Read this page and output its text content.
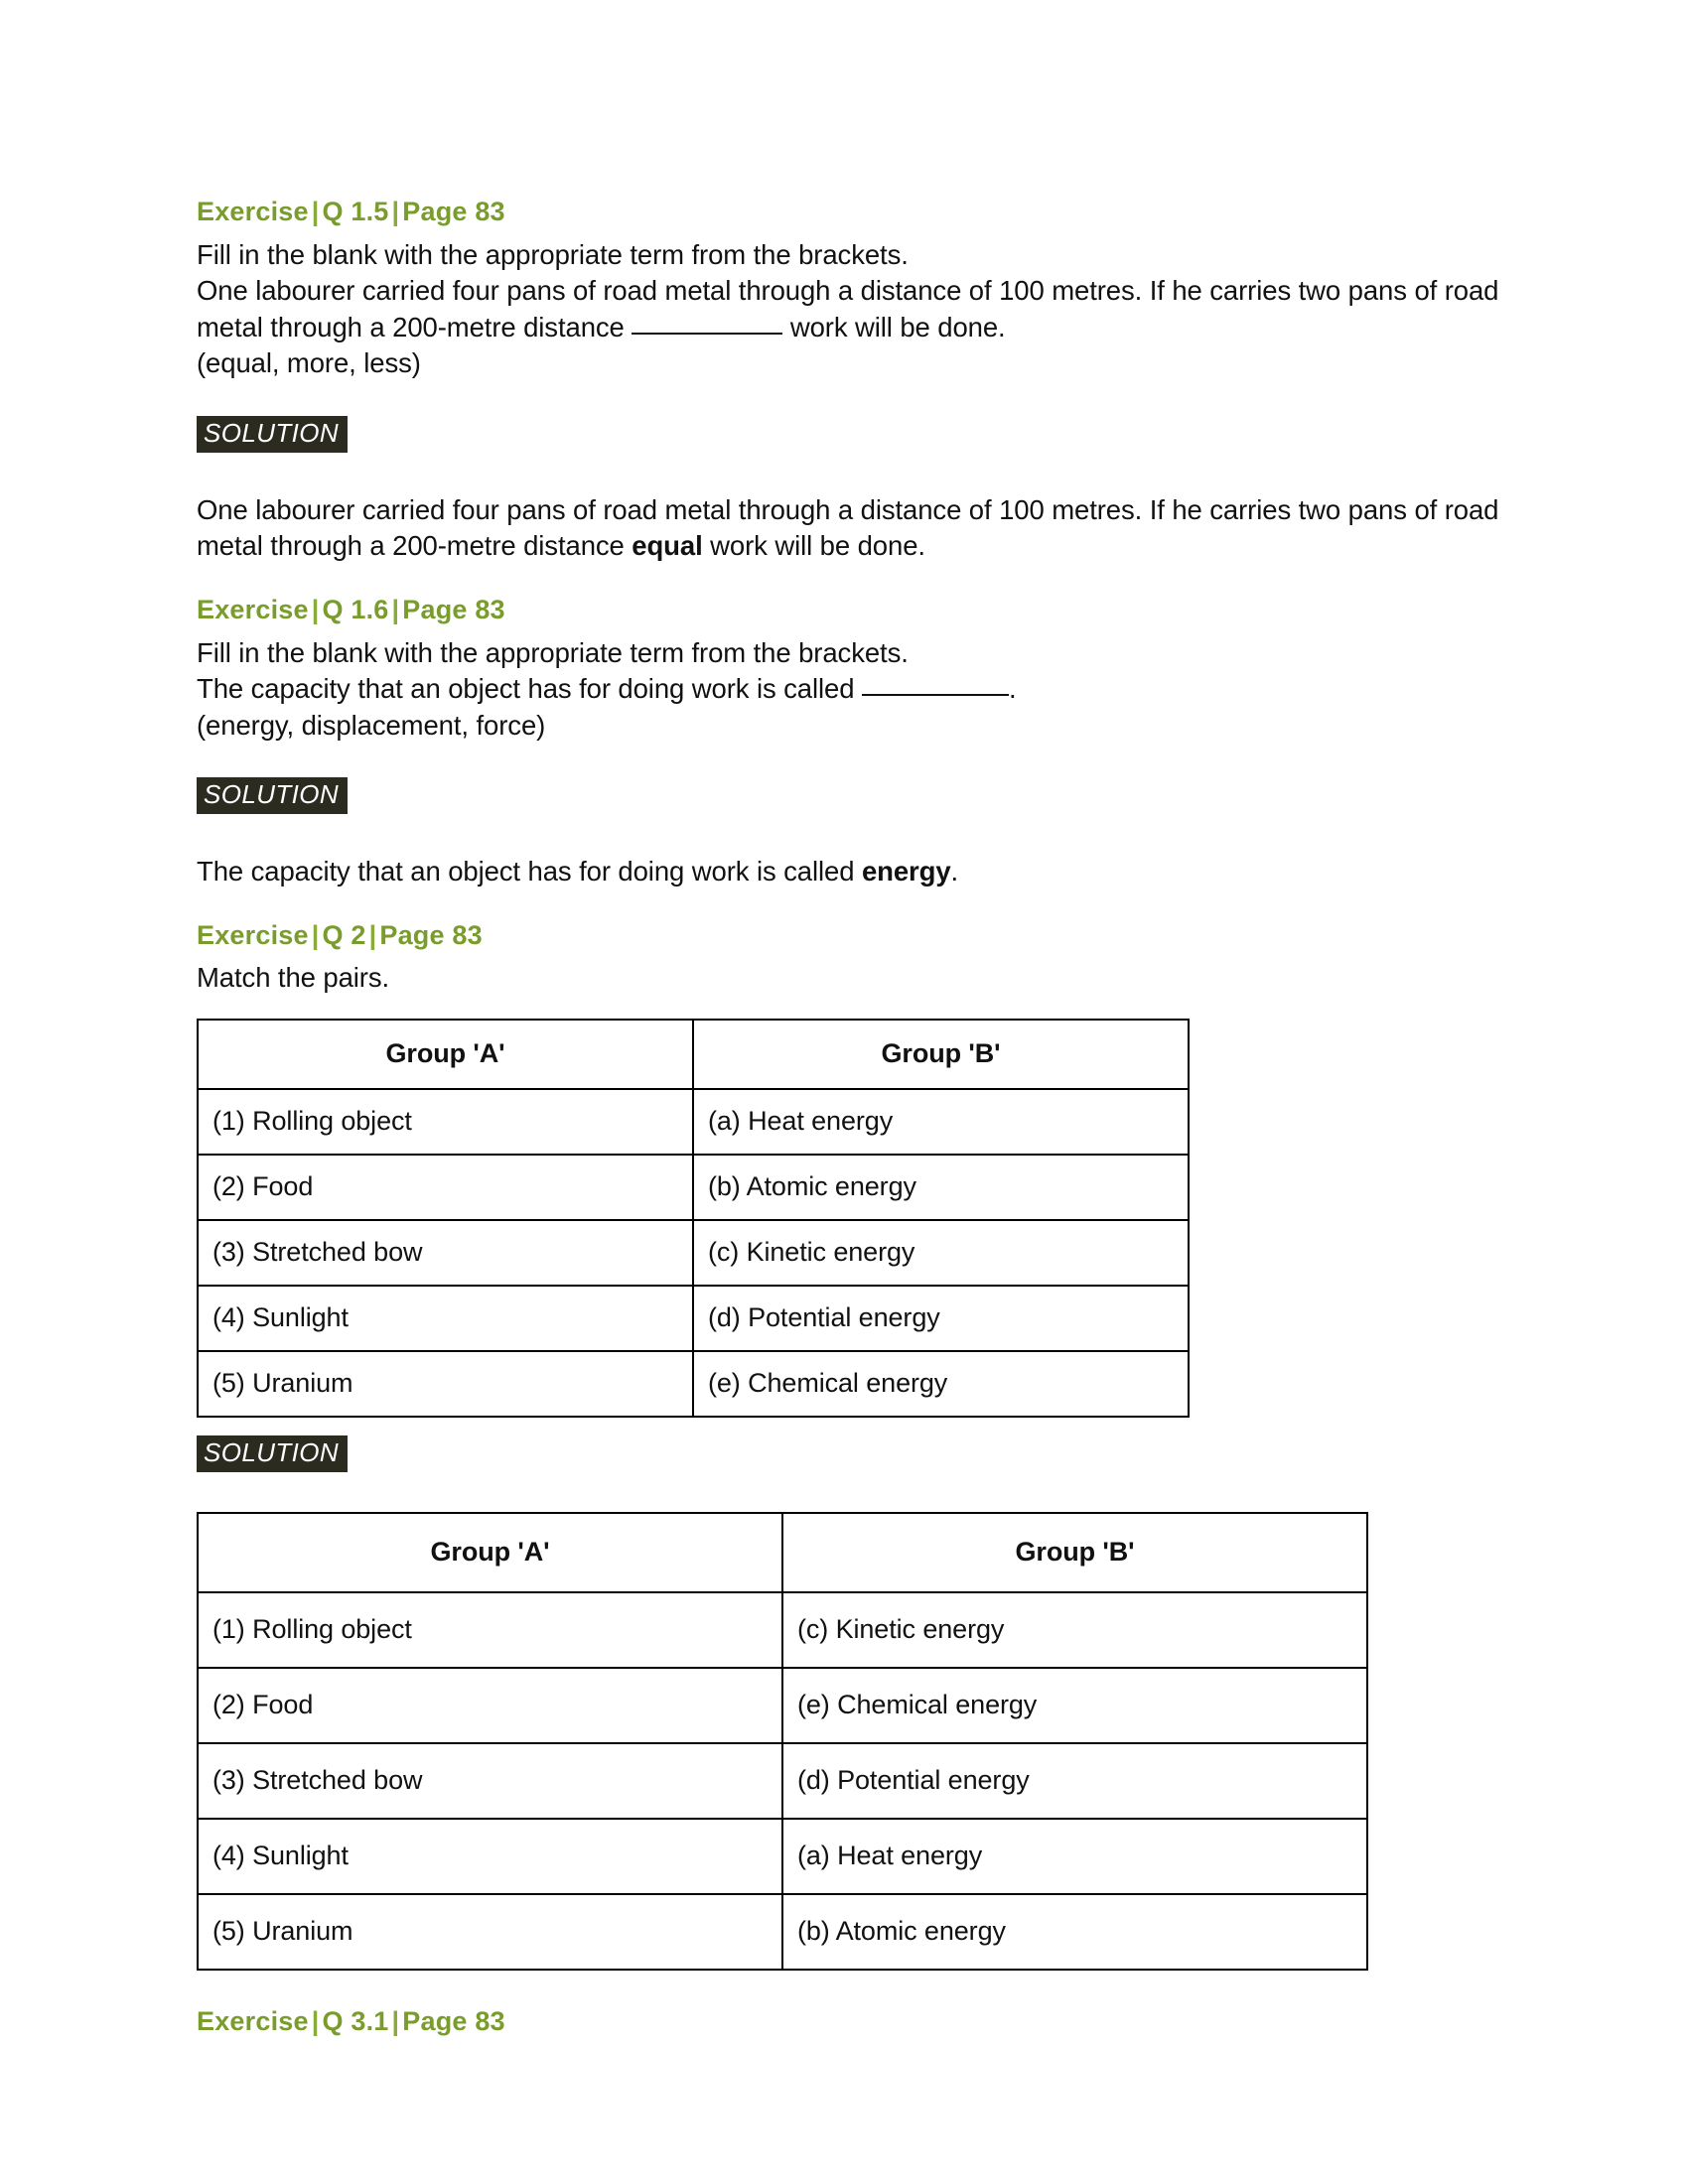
Exercise | Q 1.5 | Page 83

Fill in the blank with the appropriate term from the brackets.

One labourer carried four pans of road metal through a distance of 100 metres. If he carries two pans of road metal through a 200-metre distance	work will be done.

(equal, more, less)

SOLUTION
One labourer carried four pans of road metal through a distance of 100 metres. If he carries two pans of road metal through a 200-metre distance equal work will be done.
Exercise | Q 1.6 | Page 83

Fill in the blank with the appropriate term from the brackets.

The capacity that an object has for doing work is called	.

(energy, displacement, force)

SOLUTION
The capacity that an object has for doing work is called energy.
Exercise | Q 2 | Page 83

Match the pairs.

Group 'A'	Group 'B'
(1) Rolling object	(a) Heat energy
(2) Food	(b) Atomic energy
(3) Stretched bow	(c) Kinetic energy
(4) Sunlight	(d) Potential energy
(5) Uranium	(e) Chemical energy
SOLUTION
Group 'A'	Group 'B'
(1) Rolling object	(c) Kinetic energy
(2) Food	(e) Chemical energy
(3) Stretched bow	(d) Potential energy
(4) Sunlight	(a) Heat energy
(5) Uranium	(b) Atomic energy
Exercise | Q 3.1 | Page 83
